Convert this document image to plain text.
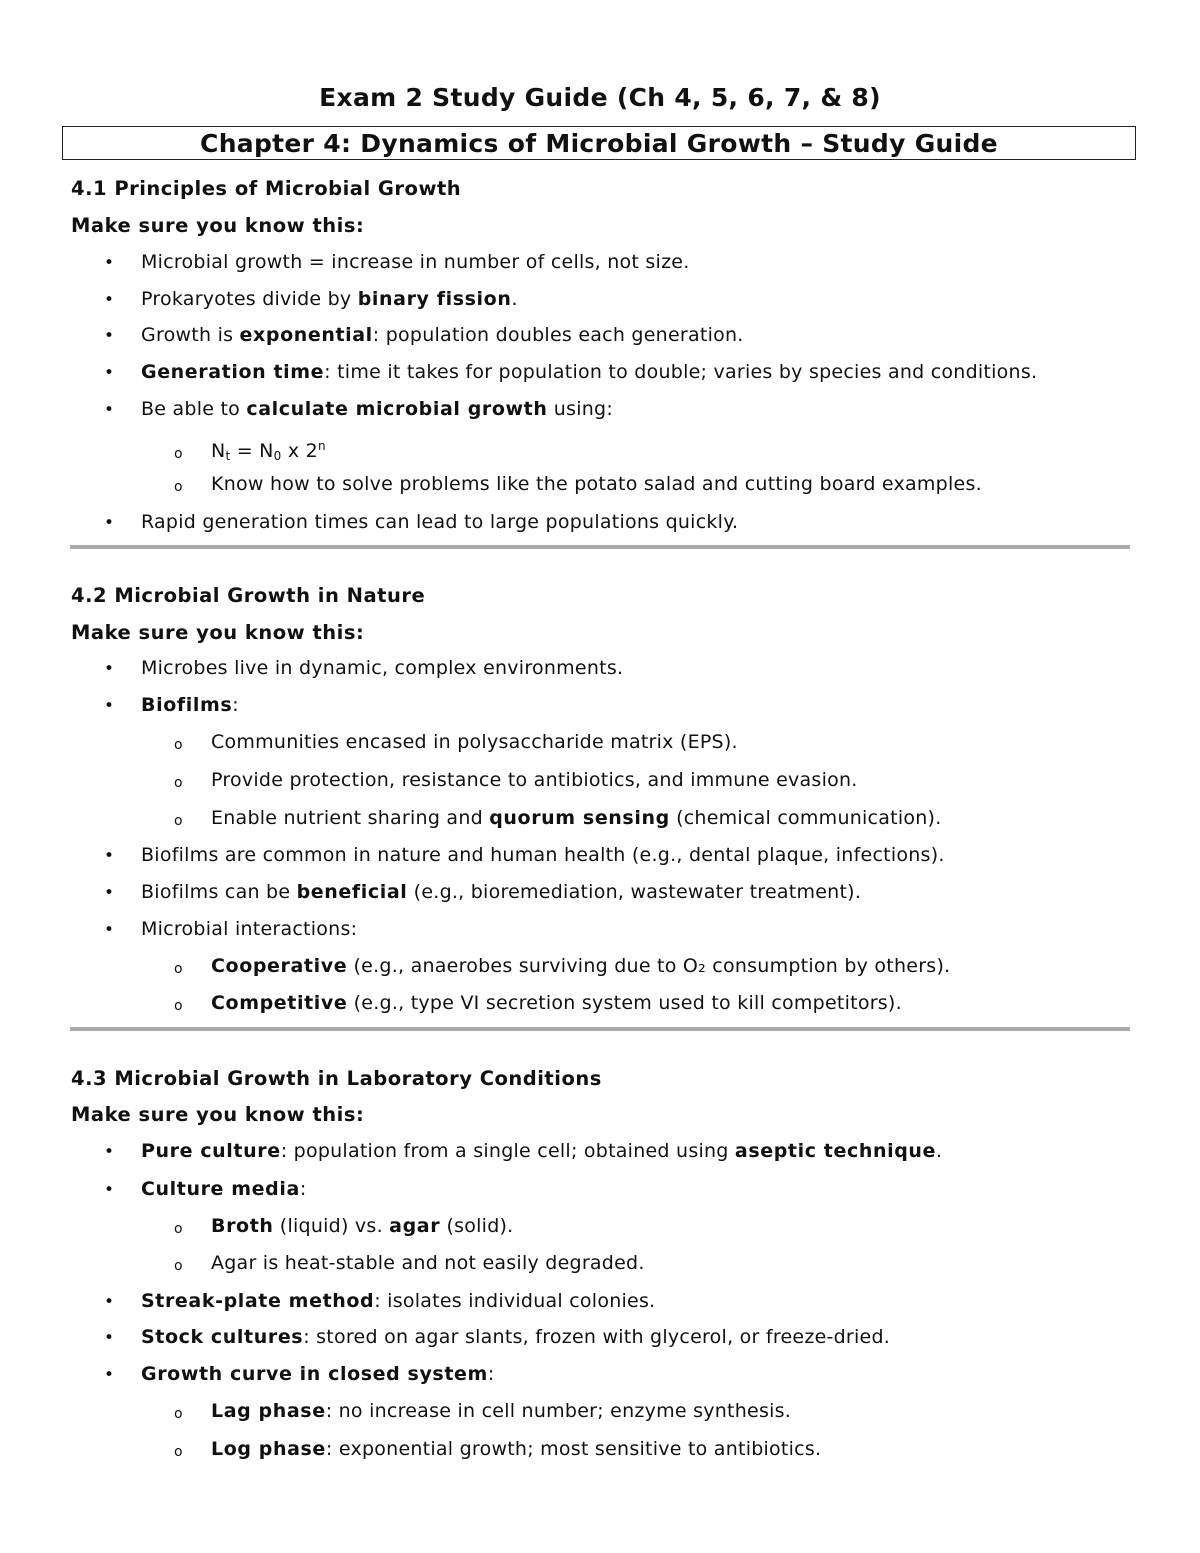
Exam 2 Study Guide (Ch 4, 5, 6, 7, & 8)
Chapter 4: Dynamics of Microbial Growth – Study Guide
4.1 Principles of Microbial Growth
Make sure you know this:
• Microbial growth = increase in number of cells, not size.
• Prokaryotes divide by binary fission.
• Growth is exponential: population doubles each generation.
• Generation time: time it takes for population to double; varies by species and conditions.
• Be able to calculate microbial growth using:
o $N_t = N_0$ x 2$^n$
o Know how to solve problems like the potato salad and cutting board examples.
• Rapid generation times can lead to large populations quickly.
4.2 Microbial Growth in Nature
Make sure you know this:
• Microbes live in dynamic, complex environments.
• Biofilms:
o Communities encased in polysaccharide matrix (EPS).
o Provide protection, resistance to antibiotics, and immune evasion.
o Enable nutrient sharing and quorum sensing (chemical communication).
• Biofilms are common in nature and human health (e.g., dental plaque, infections).
• Biofilms can be beneficial (e.g., bioremediation, wastewater treatment).
• Microbial interactions:
o Cooperative (e.g., anaerobes surviving due to O₂ consumption by others).
o Competitive (e.g., type VI secretion system used to kill competitors).
4.3 Microbial Growth in Laboratory Conditions
Make sure you know this:
• Pure culture: population from a single cell; obtained using aseptic technique.
• Culture media:
o Broth (liquid) vs. agar (solid).
o Agar is heat-stable and not easily degraded.
• Streak-plate method: isolates individual colonies.
• Stock cultures: stored on agar slants, frozen with glycerol, or freeze-dried.
• Growth curve in closed system:
o Lag phase: no increase in cell number; enzyme synthesis.
o Log phase: exponential growth; most sensitive to antibiotics.
